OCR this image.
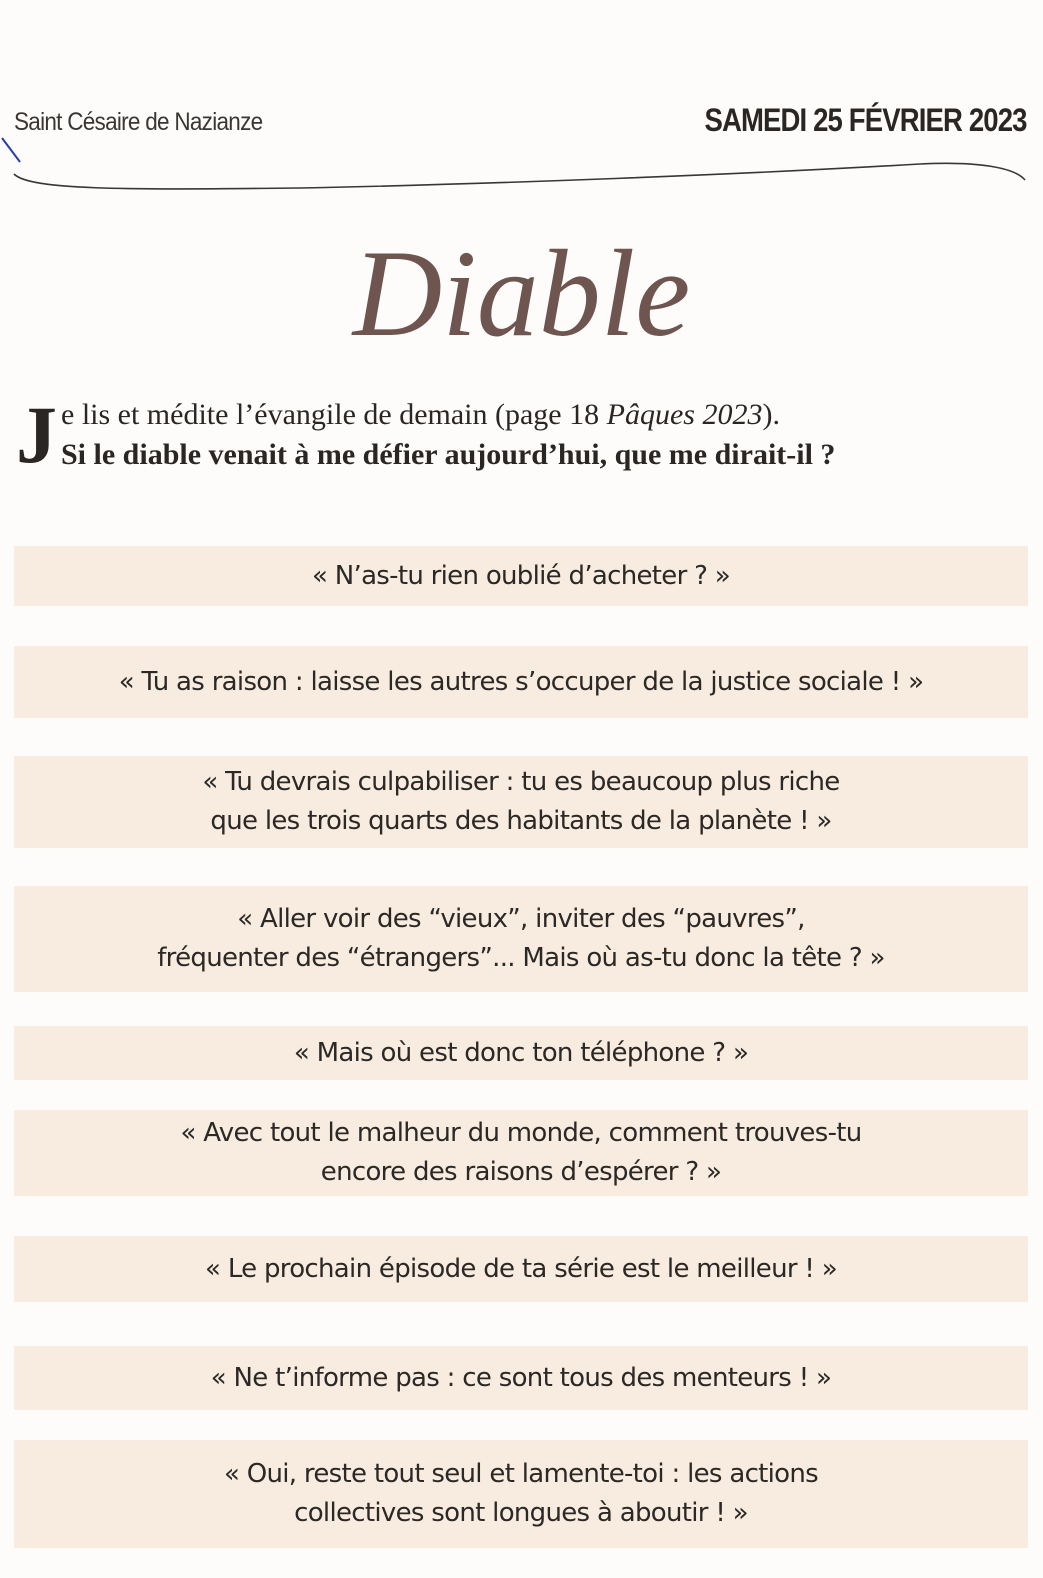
Saint Césaire de Nazianze	SAMEDI 25 FÉVRIER 2023
Diable
J e lis et médite l’évangile de demain (page 18 Pâques 2023).
Si le diable venait à me défier aujourd’hui, que me dirait-il ?
« N’as-tu rien oublié d’acheter ? »
« Tu as raison : laisse les autres s’occuper de la justice sociale ! »
« Tu devrais culpabiliser : tu es beaucoup plus riche
que les trois quarts des habitants de la planète ! »
« Aller voir des “vieux”, inviter des “pauvres”,
fréquenter des “étrangers”... Mais où as-tu donc la tête ? »
« Mais où est donc ton téléphone ? »
« Avec tout le malheur du monde, comment trouves-tu
encore des raisons d’espérer ? »
« Le prochain épisode de ta série est le meilleur ! »
« Ne t’informe pas : ce sont tous des menteurs ! »
« Oui, reste tout seul et lamente-toi : les actions
collectives sont longues à aboutir ! »
